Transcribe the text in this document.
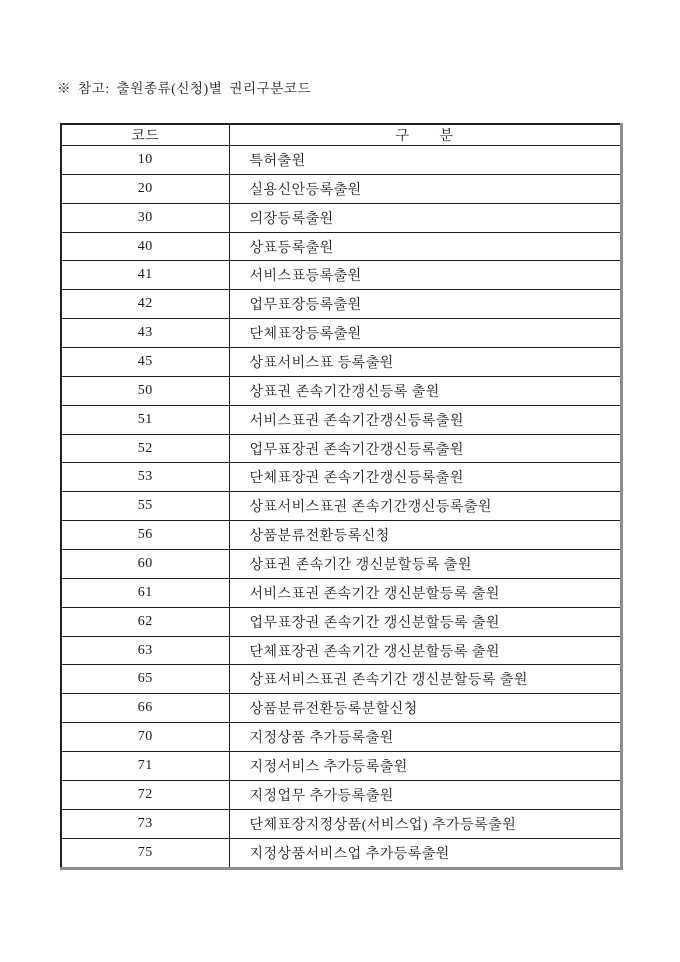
※ 참고: 출원종류(신청)별 권리구분코드
코드	구 분
10	특허출원
20	실용신안등록출원
30	의장등록출원
40	상표등록출원
41	서비스표등록출원
42	업무표장등록출원
43	단체표장등록출원
45	상표서비스표 등록출원
50	상표권 존속기간갱신등록 출원
51	서비스표권 존속기간갱신등록출원
52	업무표장권 존속기간갱신등록출원
53	단체표장권 존속기간갱신등록출원
55	상표서비스표권 존속기간갱신등록출원
56	상품분류전환등록신청
60	상표권 존속기간 갱신분할등록 출원
61	서비스표권 존속기간 갱신분할등록 출원
62	업무표장권 존속기간 갱신분할등록 출원
63	단체표장권 존속기간 갱신분할등록 출원
65	상표서비스표권 존속기간 갱신분할등록 출원
66	상품분류전환등록분할신청
70	지정상품 추가등록출원
71	지정서비스 추가등록출원
72	지정업무 추가등록출원
73	단체표장지정상품(서비스업) 추가등록출원
75	지정상품서비스업 추가등록출원
